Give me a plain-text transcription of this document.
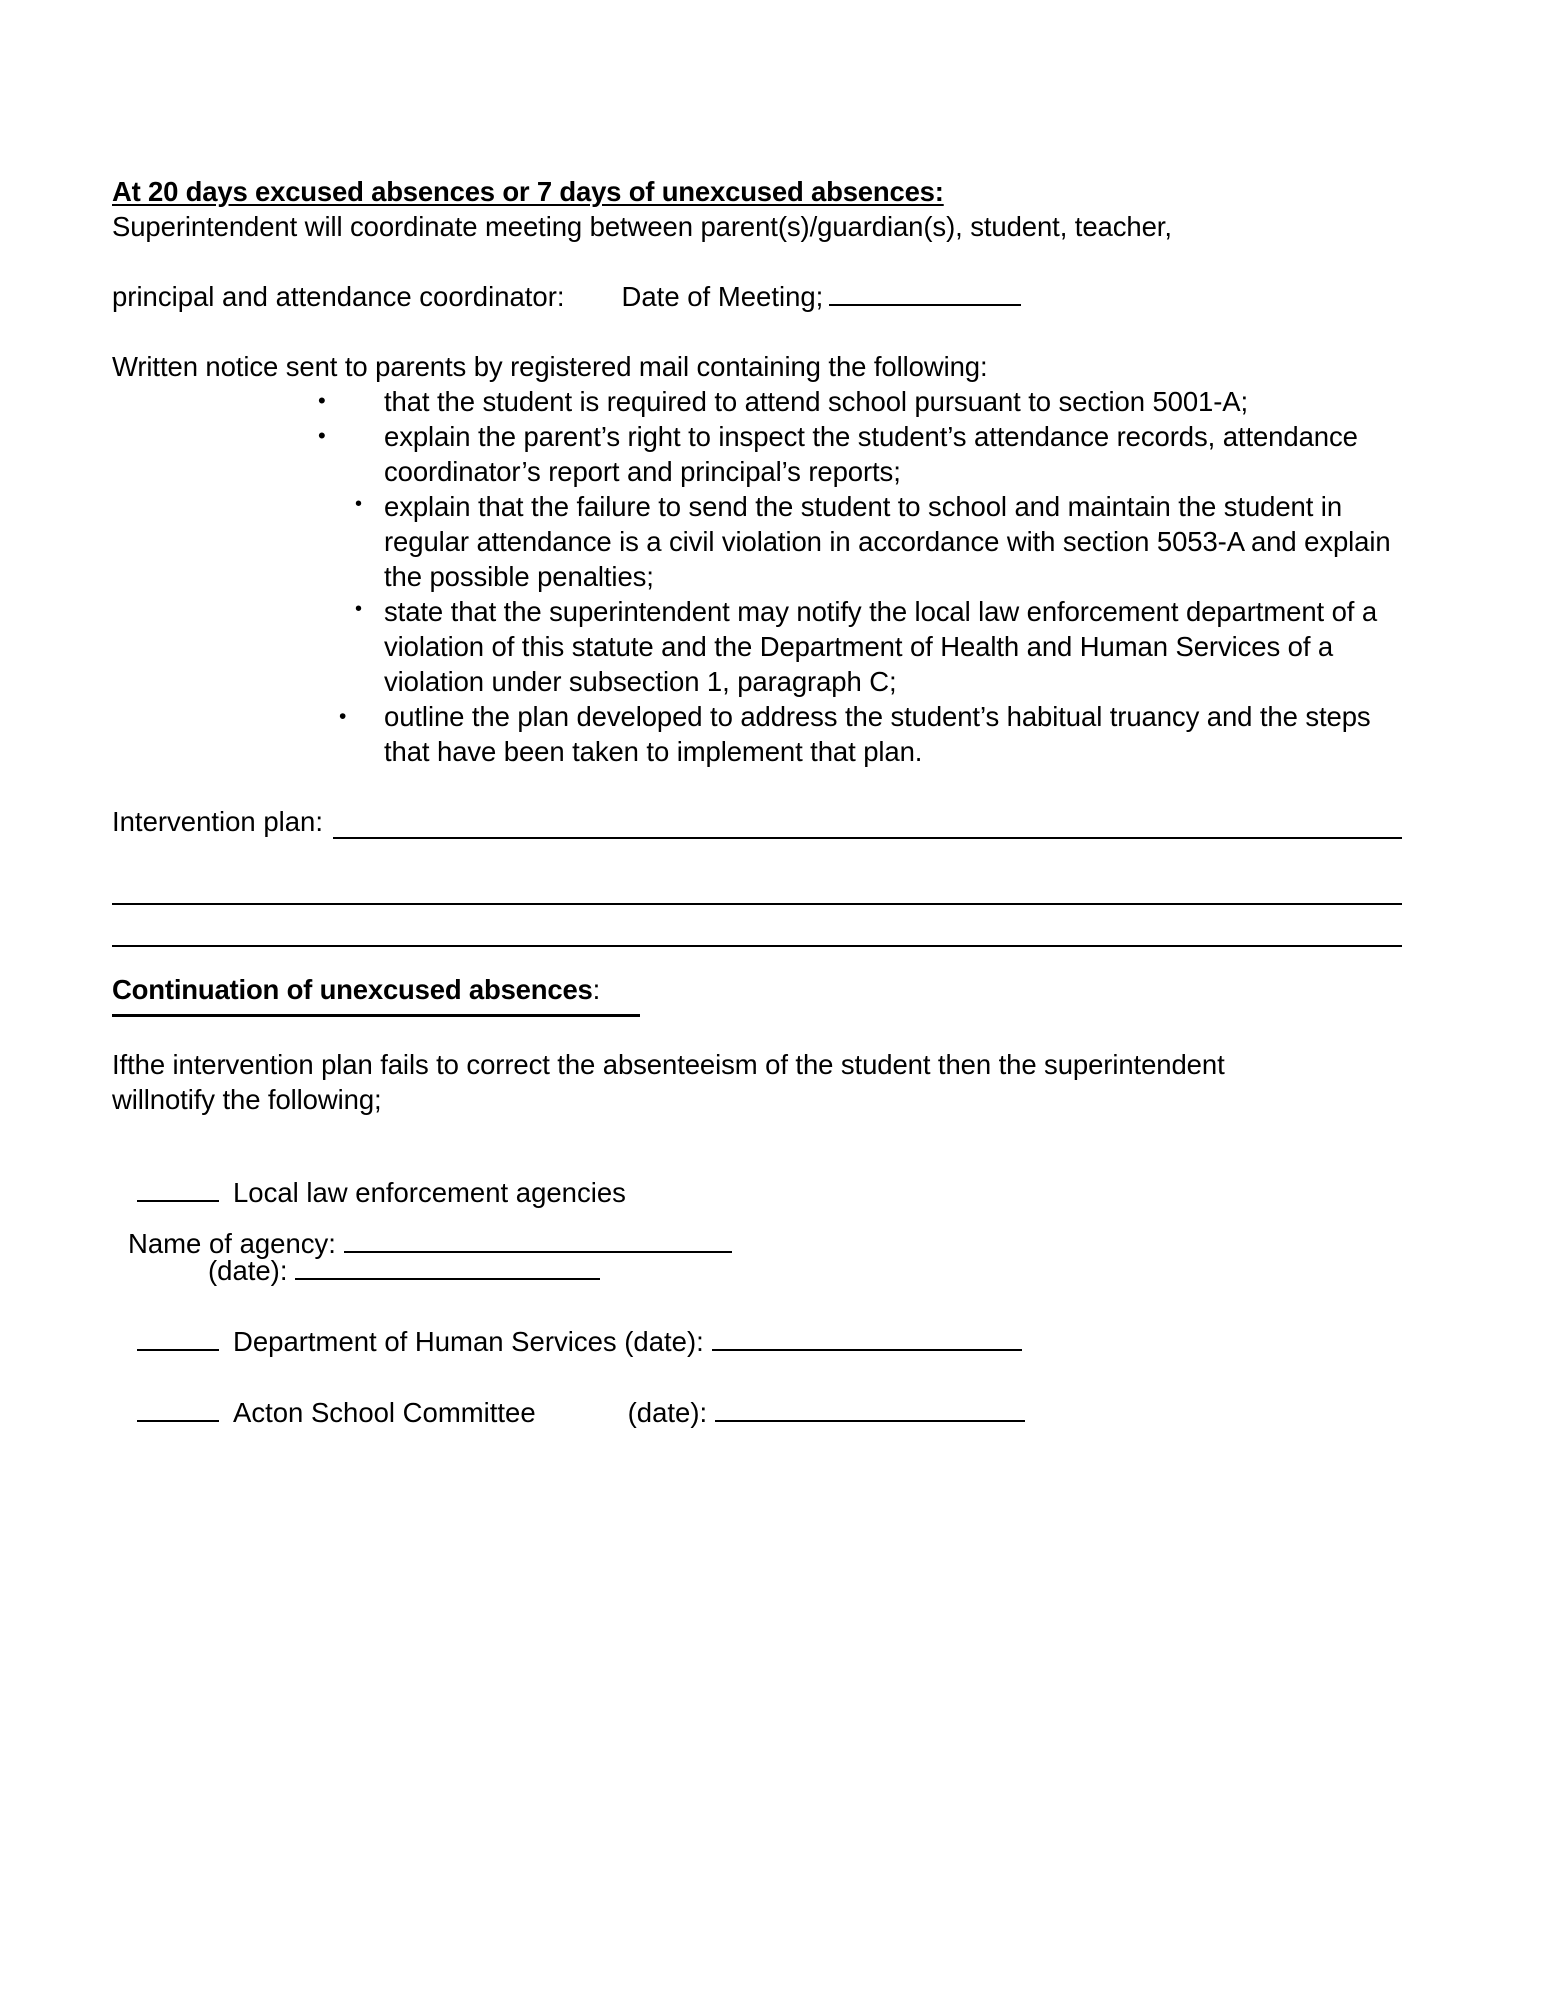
At 20 days excused absences or 7 days of unexcused absences:
Superintendent will coordinate meeting between parent(s)/guardian(s), student, teacher,
principal and attendance coordinator: Date of Meeting;
Written notice sent to parents by registered mail containing the following:
• that the student is required to attend school pursuant to section 5001-A;
• explain the parent’s right to inspect the student’s attendance records, attendance coordinator’s report and principal’s reports;
• explain that the failure to send the student to school and maintain the student in regular attendance is a civil violation in accordance with section 5053-A and explain the possible penalties;
• state that the superintendent may notify the local law enforcement department of a violation of this statute and the Department of Health and Human Services of a violation under subsection 1, paragraph C;
• outline the plan developed to address the student’s habitual truancy and the steps that have been taken to implement that plan.
Intervention plan:
Continuation of unexcused absences:
Ifthe intervention plan fails to correct the absenteeism of the student then the superintendent
willnotify the following;
Local law enforcement agencies
Name of agency:
(date):
Department of Human Services (date):
Acton School Committee	(date):
